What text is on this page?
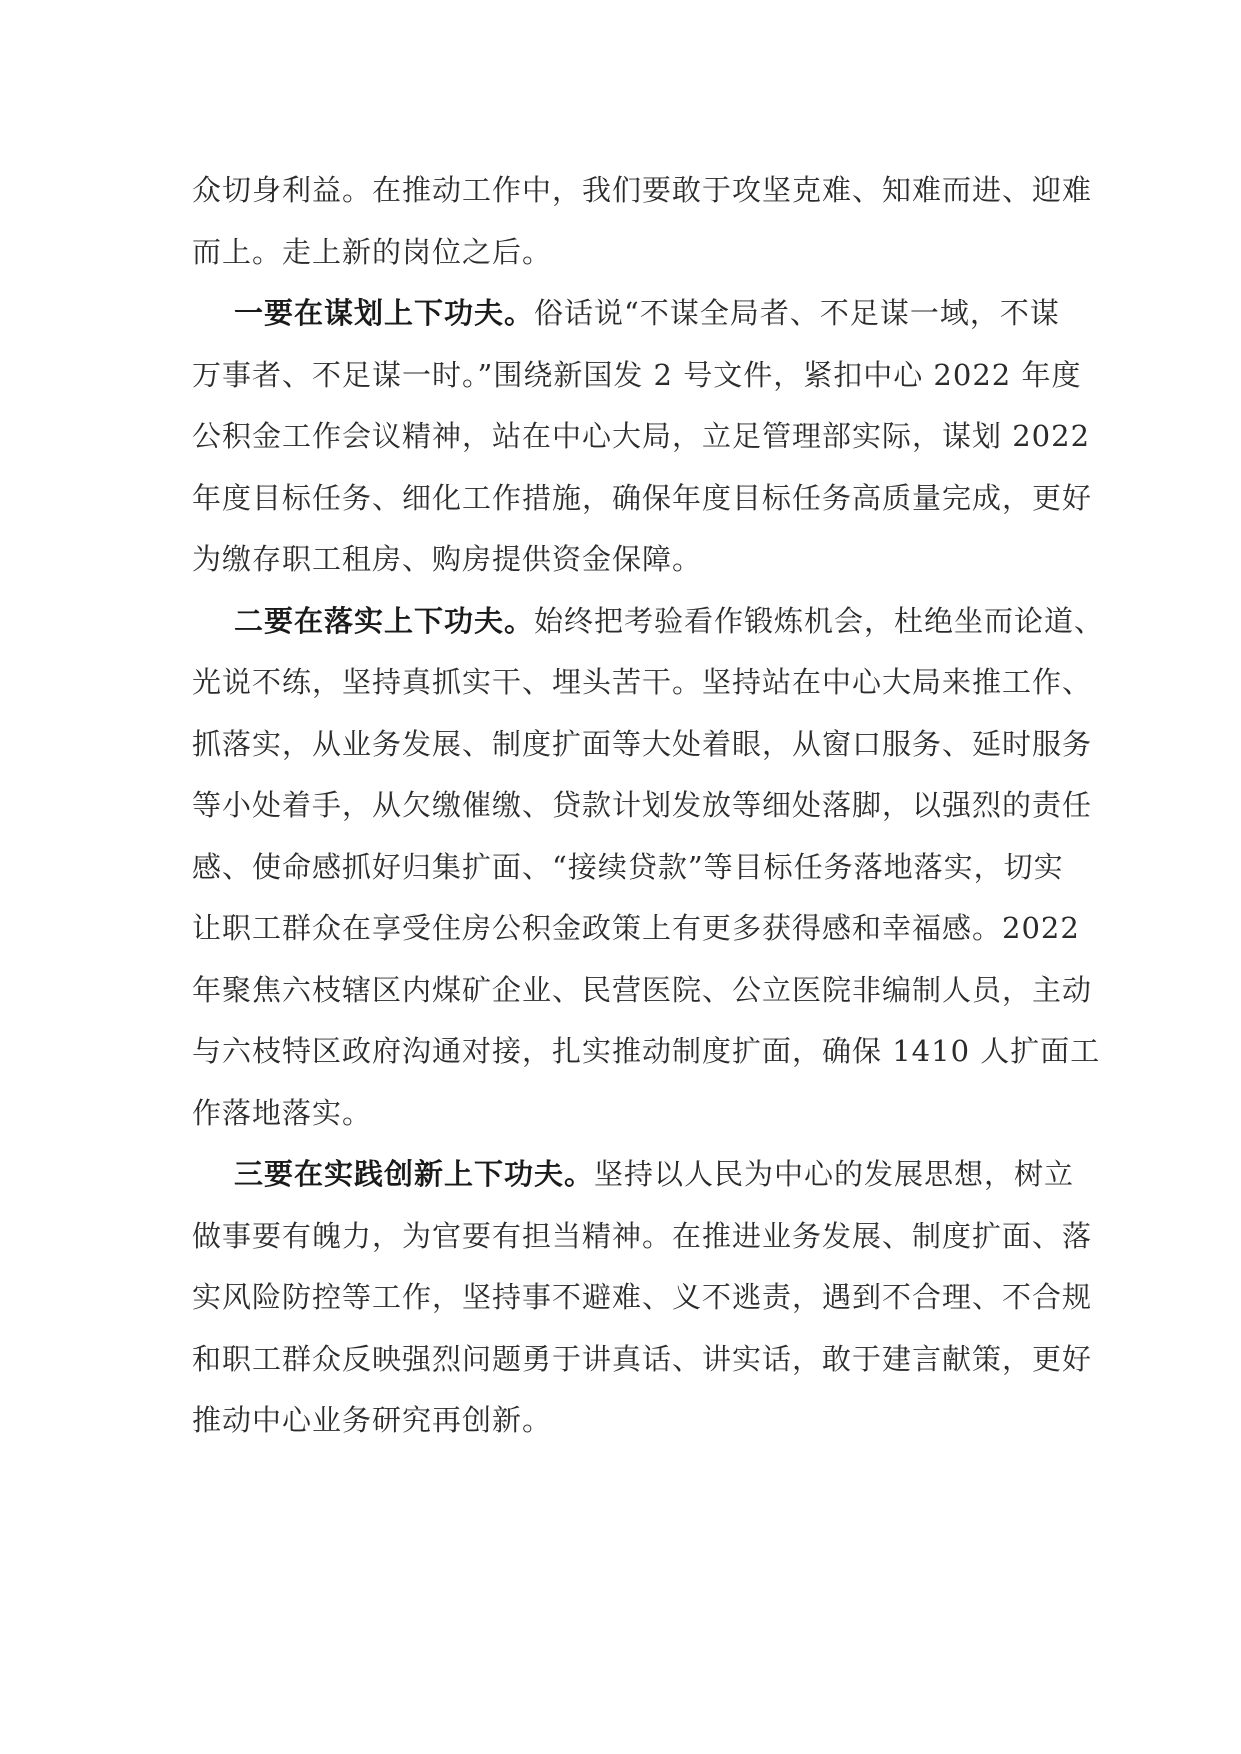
众切身利益。在推动工作中，我们要敢于攻坚克难、知难而进、迎难
而上。走上新的岗位之后。
一要在谋划上下功夫。俗话说“不谋全局者、不足谋一域，不谋
万事者、不足谋一时。”围绕新国发 2 号文件，紧扣中心 2022 年度
公积金工作会议精神，站在中心大局，立足管理部实际，谋划 2022
年度目标任务、细化工作措施，确保年度目标任务高质量完成，更好
为缴存职工租房、购房提供资金保障。
二要在落实上下功夫。始终把考验看作锻炼机会，杜绝坐而论道、
光说不练，坚持真抓实干、埋头苦干。坚持站在中心大局来推工作、
抓落实，从业务发展、制度扩面等大处着眼，从窗口服务、延时服务
等小处着手，从欠缴催缴、贷款计划发放等细处落脚，以强烈的责任
感、使命感抓好归集扩面、“接续贷款”等目标任务落地落实，切实
让职工群众在享受住房公积金政策上有更多获得感和幸福感。2022
年聚焦六枝辖区内煤矿企业、民营医院、公立医院非编制人员，主动
与六枝特区政府沟通对接，扎实推动制度扩面，确保 1410 人扩面工
作落地落实。
三要在实践创新上下功夫。坚持以人民为中心的发展思想，树立
做事要有魄力，为官要有担当精神。在推进业务发展、制度扩面、落
实风险防控等工作，坚持事不避难、义不逃责，遇到不合理、不合规
和职工群众反映强烈问题勇于讲真话、讲实话，敢于建言献策，更好
推动中心业务研究再创新。
